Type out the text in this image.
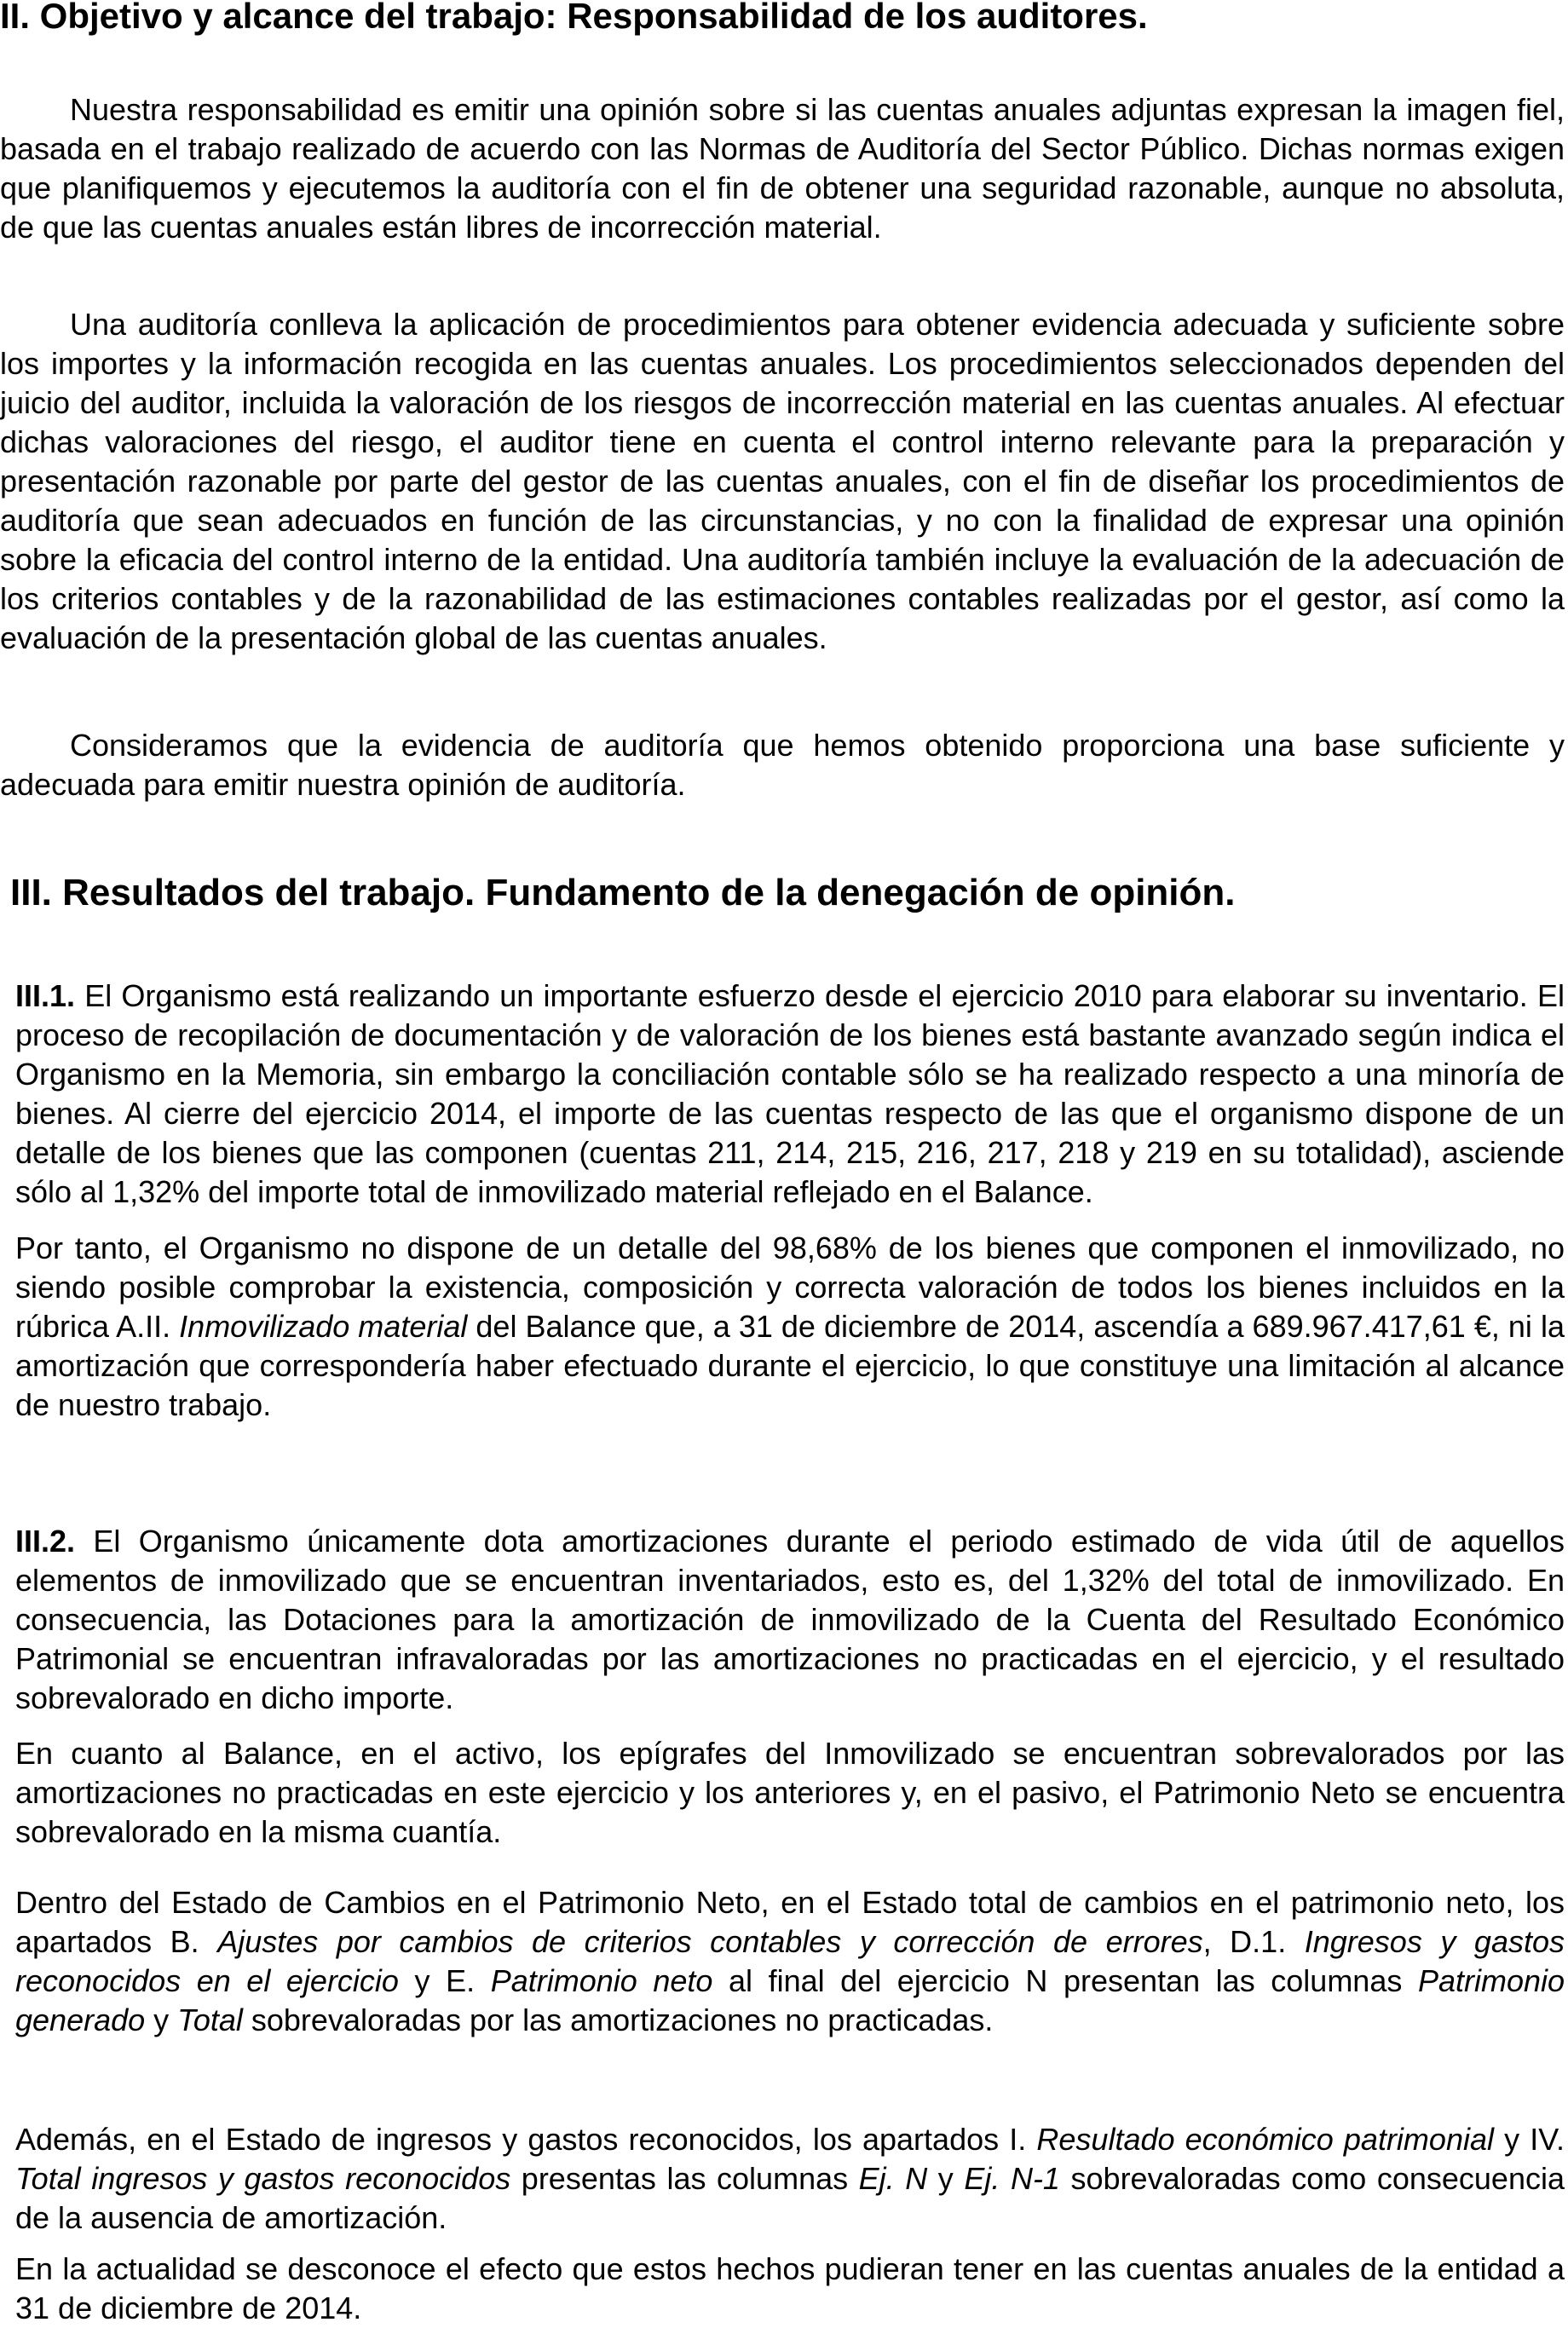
II. Objetivo y alcance del trabajo: Responsabilidad de los auditores.

Nuestra responsabilidad es emitir una opinión sobre si las cuentas anuales adjuntas expresan la imagen fiel, basada en el trabajo realizado de acuerdo con las Normas de Auditoría del Sector Público. Dichas normas exigen que planifiquemos y ejecutemos la auditoría con el fin de obtener una seguridad razonable, aunque no absoluta, de que las cuentas anuales están libres de incorrección material.

Una auditoría conlleva la aplicación de procedimientos para obtener evidencia adecuada y suficiente sobre los importes y la información recogida en las cuentas anuales. Los procedimientos seleccionados dependen del juicio del auditor, incluida la valoración de los riesgos de incorrección material en las cuentas anuales. Al efectuar dichas valoraciones del riesgo, el auditor tiene en cuenta el control interno relevante para la preparación y presentación razonable por parte del gestor de las cuentas anuales, con el fin de diseñar los procedimientos de auditoría que sean adecuados en función de las circunstancias, y no con la finalidad de expresar una opinión sobre la eficacia del control interno de la entidad. Una auditoría también incluye la evaluación de la adecuación de los criterios contables y de la razonabilidad de las estimaciones contables realizadas por el gestor, así como la evaluación de la presentación global de las cuentas anuales.

Consideramos que la evidencia de auditoría que hemos obtenido proporciona una base suficiente y adecuada para emitir nuestra opinión de auditoría.

III. Resultados del trabajo. Fundamento de la denegación de opinión.

III.1. El Organismo está realizando un importante esfuerzo desde el ejercicio 2010 para elaborar su inventario. El proceso de recopilación de documentación y de valoración de los bienes está bastante avanzado según indica el Organismo en la Memoria, sin embargo la conciliación contable sólo se ha realizado respecto a una minoría de bienes. Al cierre del ejercicio 2014, el importe de las cuentas respecto de las que el organismo dispone de un detalle de los bienes que las componen (cuentas 211, 214, 215, 216, 217, 218 y 219 en su totalidad), asciende sólo al 1,32% del importe total de inmovilizado material reflejado en el Balance.

Por tanto, el Organismo no dispone de un detalle del 98,68% de los bienes que componen el inmovilizado, no siendo posible comprobar la existencia, composición y correcta valoración de todos los bienes incluidos en la rúbrica A.II. Inmovilizado material del Balance que, a 31 de diciembre de 2014, ascendía a 689.967.417,61 €, ni la amortización que correspondería haber efectuado durante el ejercicio, lo que constituye una limitación al alcance de nuestro trabajo.

III.2. El Organismo únicamente dota amortizaciones durante el periodo estimado de vida útil de aquellos elementos de inmovilizado que se encuentran inventariados, esto es, del 1,32% del total de inmovilizado. En consecuencia, las Dotaciones para la amortización de inmovilizado de la Cuenta del Resultado Económico Patrimonial se encuentran infravaloradas por las amortizaciones no practicadas en el ejercicio, y el resultado sobrevalorado en dicho importe.

En cuanto al Balance, en el activo, los epígrafes del Inmovilizado se encuentran sobrevalorados por las amortizaciones no practicadas en este ejercicio y los anteriores y, en el pasivo, el Patrimonio Neto se encuentra sobrevalorado en la misma cuantía.

Dentro del Estado de Cambios en el Patrimonio Neto, en el Estado total de cambios en el patrimonio neto, los apartados B. Ajustes por cambios de criterios contables y corrección de errores, D.1. Ingresos y gastos reconocidos en el ejercicio y E. Patrimonio neto al final del ejercicio N presentan las columnas Patrimonio generado y Total sobrevaloradas por las amortizaciones no practicadas.

Además, en el Estado de ingresos y gastos reconocidos, los apartados I. Resultado económico patrimonial y IV. Total ingresos y gastos reconocidos presentas las columnas Ej. N y Ej. N-1 sobrevaloradas como consecuencia de la ausencia de amortización.

En la actualidad se desconoce el efecto que estos hechos pudieran tener en las cuentas anuales de la entidad a 31 de diciembre de 2014.
